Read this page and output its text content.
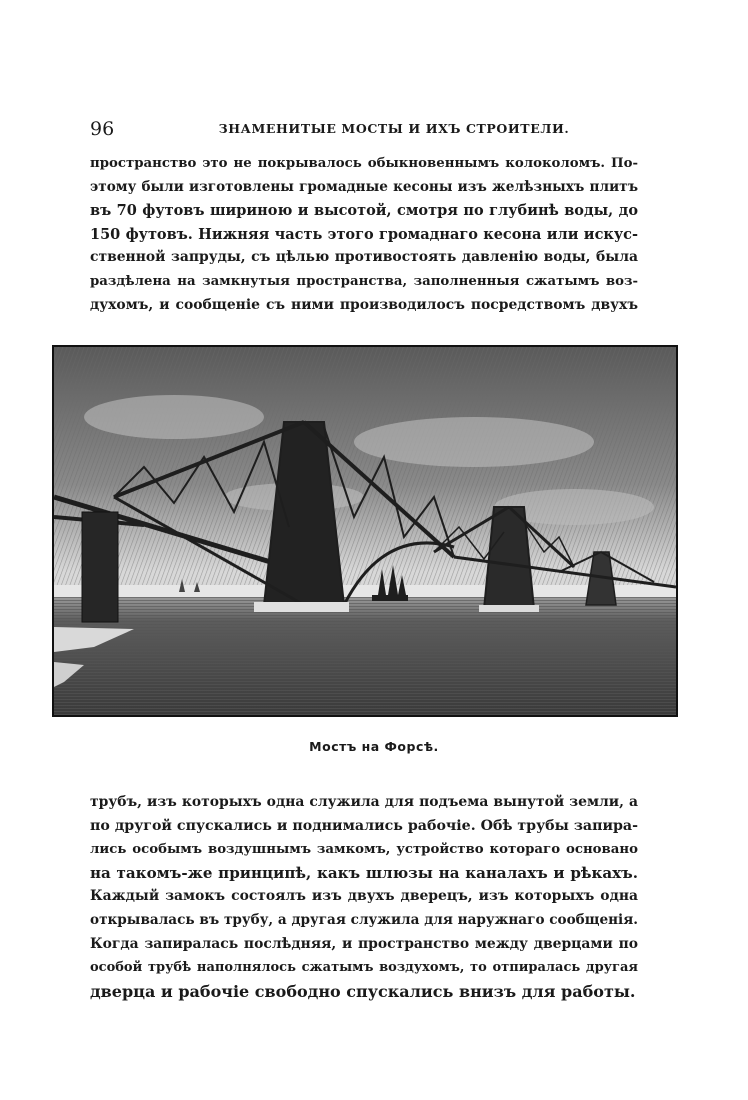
96	ЗНАМЕНИТЫЕ МОСТЫ И ИХЪ СТРОИТЕЛИ.
пространство это не покрывалось обыкновеннымъ колоколомъ. По-
этому были изготовлены громадные кесоны изъ желѣзныхъ плитъ
въ 70 футовъ шириною и высотой, смотря по глубинѣ воды, до
150 футовъ. Нижняя часть этого громаднаго кесона или искус-
ственной запруды, съ цѣлью противостоять давленію воды, была
раздѣлена на замкнутыя пространства, заполненныя сжатымъ воз-
духомъ, и сообщеніе съ ними производилосъ посредствомъ двухъ
Мостъ на Форсѣ.
трубъ, изъ которыхъ одна служила для подъема вынутой земли, а
по другой спускались и поднимались рабочіе. Обѣ трубы запира-
лись особымъ воздушнымъ замкомъ, устройство котораго основано
на такомъ-же принципѣ, какъ шлюзы на каналахъ и рѣкахъ.
Каждый замокъ состоялъ изъ двухъ дверецъ, изъ которыхъ одна
открывалась въ трубу, а другая служила для наружнаго сообщенія.
Когда запиралась послѣдняя, и пространство между дверцами по
особой трубѣ наполнялось сжатымъ воздухомъ, то отпиралась другая
дверца и рабочіе свободно спускались внизъ для работы.
